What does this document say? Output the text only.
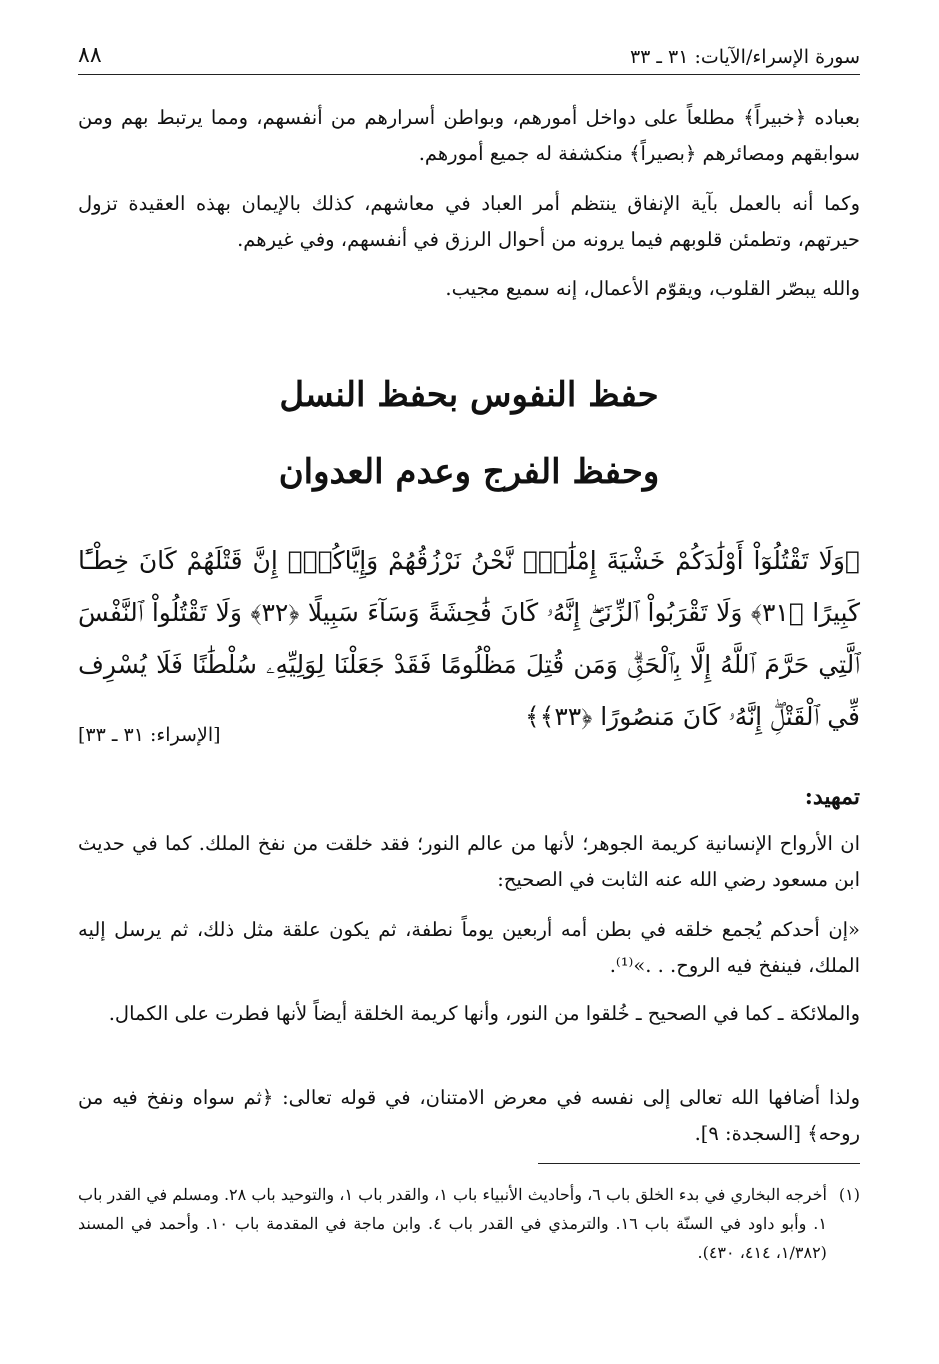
سورة الإسراء/الآيات: ٣١ ـ ٣٣
٨٨
بعباده ﴿خبيراً﴾ مطلعاً على دواخل أمورهم، وبواطن أسرارهم من أنفسهم، ومما يرتبط بهم ومن سوابقهم ومصائرهم ﴿بصيراً﴾ منكشفة له جميع أمورهم.
وكما أنه بالعمل بآية الإنفاق ينتظم أمر العباد في معاشهم، كذلك بالإيمان بهذه العقيدة تزول حيرتهم، وتطمئن قلوبهم فيما يرونه من أحوال الرزق في أنفسهم، وفي غيرهم.
والله يبصّر القلوب، ويقوّم الأعمال، إنه سميع مجيب.
حفظ النفوس بحفظ النسل
وحفظ الفرج وعدم العدوان
﴿وَلَا تَقْتُلُوٓاْ أَوْلَٰدَكُمْ خَشْيَةَ إِمْلَٰقٍۖ نَّحْنُ نَرْزُقُهُمْ وَإِيَّاكُمْۚ إِنَّ قَتْلَهُمْ كَانَ خِطْـًٔا كَبِيرًا ﴿٣١﴾ وَلَا تَقْرَبُواْ ٱلزِّنَىٰٓۖ إِنَّهُۥ كَانَ فَٰحِشَةً وَسَآءَ سَبِيلًا ﴿٣٢﴾ وَلَا تَقْتُلُواْ ٱلنَّفْسَ ٱلَّتِي حَرَّمَ ٱللَّهُ إِلَّا بِٱلْحَقِّۗ وَمَن قُتِلَ مَظْلُومًا فَقَدْ جَعَلْنَا لِوَلِيِّهِۦ سُلْطَٰنًا فَلَا يُسْرِف فِّي ٱلْقَتْلِۖ إِنَّهُۥ كَانَ مَنصُورًا ﴿٣٣﴾﴾
[الإسراء: ٣١ ـ ٣٣]
تمهيد:
ان الأرواح الإنسانية كريمة الجوهر؛ لأنها من عالم النور؛ فقد خلقت من نفخ الملك. كما في حديث ابن مسعود رضي الله عنه الثابت في الصحيح:
«إن أحدكم يُجمع خلقه في بطن أمه أربعين يوماً نطفة، ثم يكون علقة مثل ذلك، ثم يرسل إليه الملك، فينفخ فيه الروح. . .»⁽¹⁾.
والملائكة ـ كما في الصحيح ـ خُلقوا من النور، وأنها كريمة الخلقة أيضاً لأنها فطرت على الكمال.
ولذا أضافها الله تعالى إلى نفسه في معرض الامتنان، في قوله تعالى: ﴿ثم سواه ونفخ فيه من روحه﴾ [السجدة: ٩].
(١)
أخرجه البخاري في بدء الخلق باب ٦، وأحاديث الأنبياء باب ١، والقدر باب ١، والتوحيد باب ٢٨. ومسلم في القدر باب ١. وأبو داود في السنّة باب ١٦. والترمذي في القدر باب ٤. وابن ماجة في المقدمة باب ١٠. وأحمد في المسند (١/٣٨٢، ٤١٤، ٤٣٠).
